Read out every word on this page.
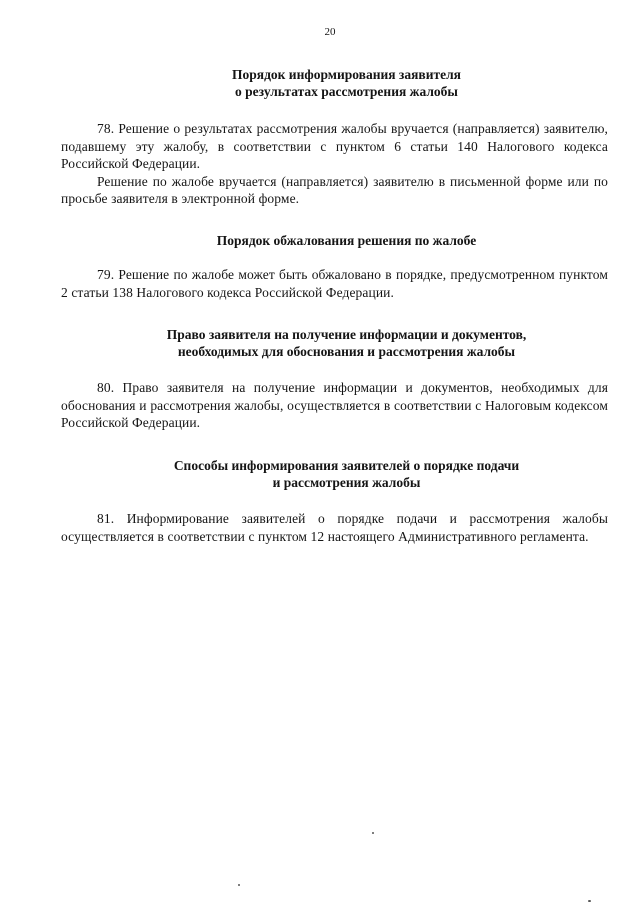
20
Порядок информирования заявителя
о результатах рассмотрения жалобы

78. Решение о результатах рассмотрения жалобы вручается (направляется) заявителю, подавшему эту жалобу, в соответствии с пунктом 6 статьи 140 Налогового кодекса Российской Федерации.

Решение по жалобе вручается (направляется) заявителю в письменной форме или по просьбе заявителя в электронной форме.

Порядок обжалования решения по жалобе

79. Решение по жалобе может быть обжаловано в порядке, предусмотренном пунктом 2 статьи 138 Налогового кодекса Российской Федерации.

Право заявителя на получение информации и документов,
необходимых для обоснования и рассмотрения жалобы

80. Право заявителя на получение информации и документов, необходимых для обоснования и рассмотрения жалобы, осуществляется в соответствии с Налоговым кодексом Российской Федерации.

Способы информирования заявителей о порядке подачи
и рассмотрения жалобы

81. Информирование заявителей о порядке подачи и рассмотрения жалобы осуществляется в соответствии с пунктом 12 настоящего Административного регламента.
